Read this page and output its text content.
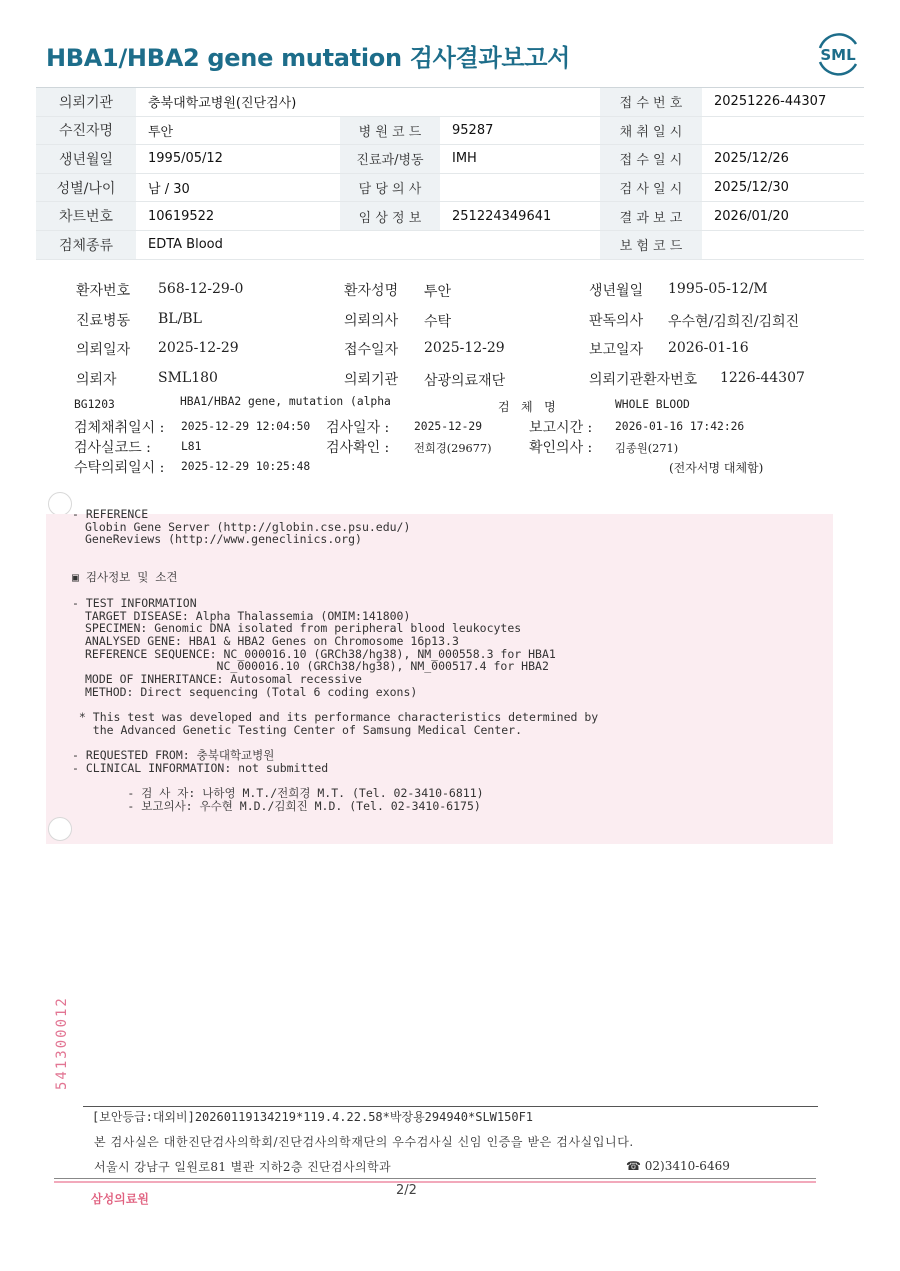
HBA1/HBA2 gene mutation 검사결과보고서	SML
의뢰기관	충북대학교병원(진단검사)			접 수 번 호	20251226-44307
수진자명	투안	병 원 코 드	95287	채 취 일 시	
생년월일	1995/05/12	진료과/병동	IMH	접 수 일 시	2025/12/26
성별/나이	남 / 30	담 당 의 사		검 사 일 시	2025/12/30
차트번호	10619522	임 상 정 보	251224349641	결 과 보 고	2026/01/20
검체종류	EDTA Blood			보 험 코 드	
환자번호 568-12-29-0	환자성명 투안	생년월일 1995-05-12/M
진료병동 BL/BL	의뢰의사 수탁	판독의사 우수현/김희진/김희진
의뢰일자 2025-12-29	접수일자 2025-12-29	보고일자 2026-01-16
의뢰자	SML180	의뢰기관 삼광의료재단	의뢰기관환자번호 1226-44307
BG1203	HBA1/HBA2 gene, mutation (alpha	검   체   명	WHOLE BLOOD
검체채취일시 : 2025-12-29 12:04:50 검사일자 : 2025-12-29	보고시간 : 2026-01-16 17:42:26
검사실코드 :	L81	검사확인 : 전희경(29677)	확인의사 : 김종원(271)
수탁의뢰일시 : 2025-12-29 10:25:48	(전자서명 대체함)
- REFERENCE
Globin Gene Server (http://globin.cse.psu.edu/)
GeneReviews (http://www.geneclinics.org)
▣ 검사정보 및 소견
- TEST INFORMATION
TARGET DISEASE: Alpha Thalassemia (OMIM:141800)
SPECIMEN: Genomic DNA isolated from peripheral blood leukocytes
ANALYSED GENE: HBA1 & HBA2 Genes on Chromosome 16p13.3
REFERENCE SEQUENCE: NC_000016.10 (GRCh38/hg38), NM_000558.3 for HBA1
NC_000016.10 (GRCh38/hg38), NM_000517.4 for HBA2
MODE OF INHERITANCE: Autosomal recessive
METHOD: Direct sequencing (Total 6 coding exons)
* This test was developed and its performance characteristics determined by
the Advanced Genetic Testing Center of Samsung Medical Center.
- REQUESTED FROM: 충북대학교병원
- CLINICAL INFORMATION: not submitted
- 검 사 자: 나하영 M.T./전희경 M.T. (Tel. 02-3410-6811)
- 보고의사: 우수현 M.D./김희진 M.D. (Tel. 02-3410-6175)
541300012
[보안등급:대외비]20260119134219*119.4.22.58*박장용294940*SLW150F1
본 검사실은 대한진단검사의학회/진단검사의학재단의 우수검사실 신임 인증을 받은 검사실입니다.
서울시 강남구 일원로81 별관 지하2층 진단검사의학과	☎ 02)3410-6469
삼성의료원
2/2
